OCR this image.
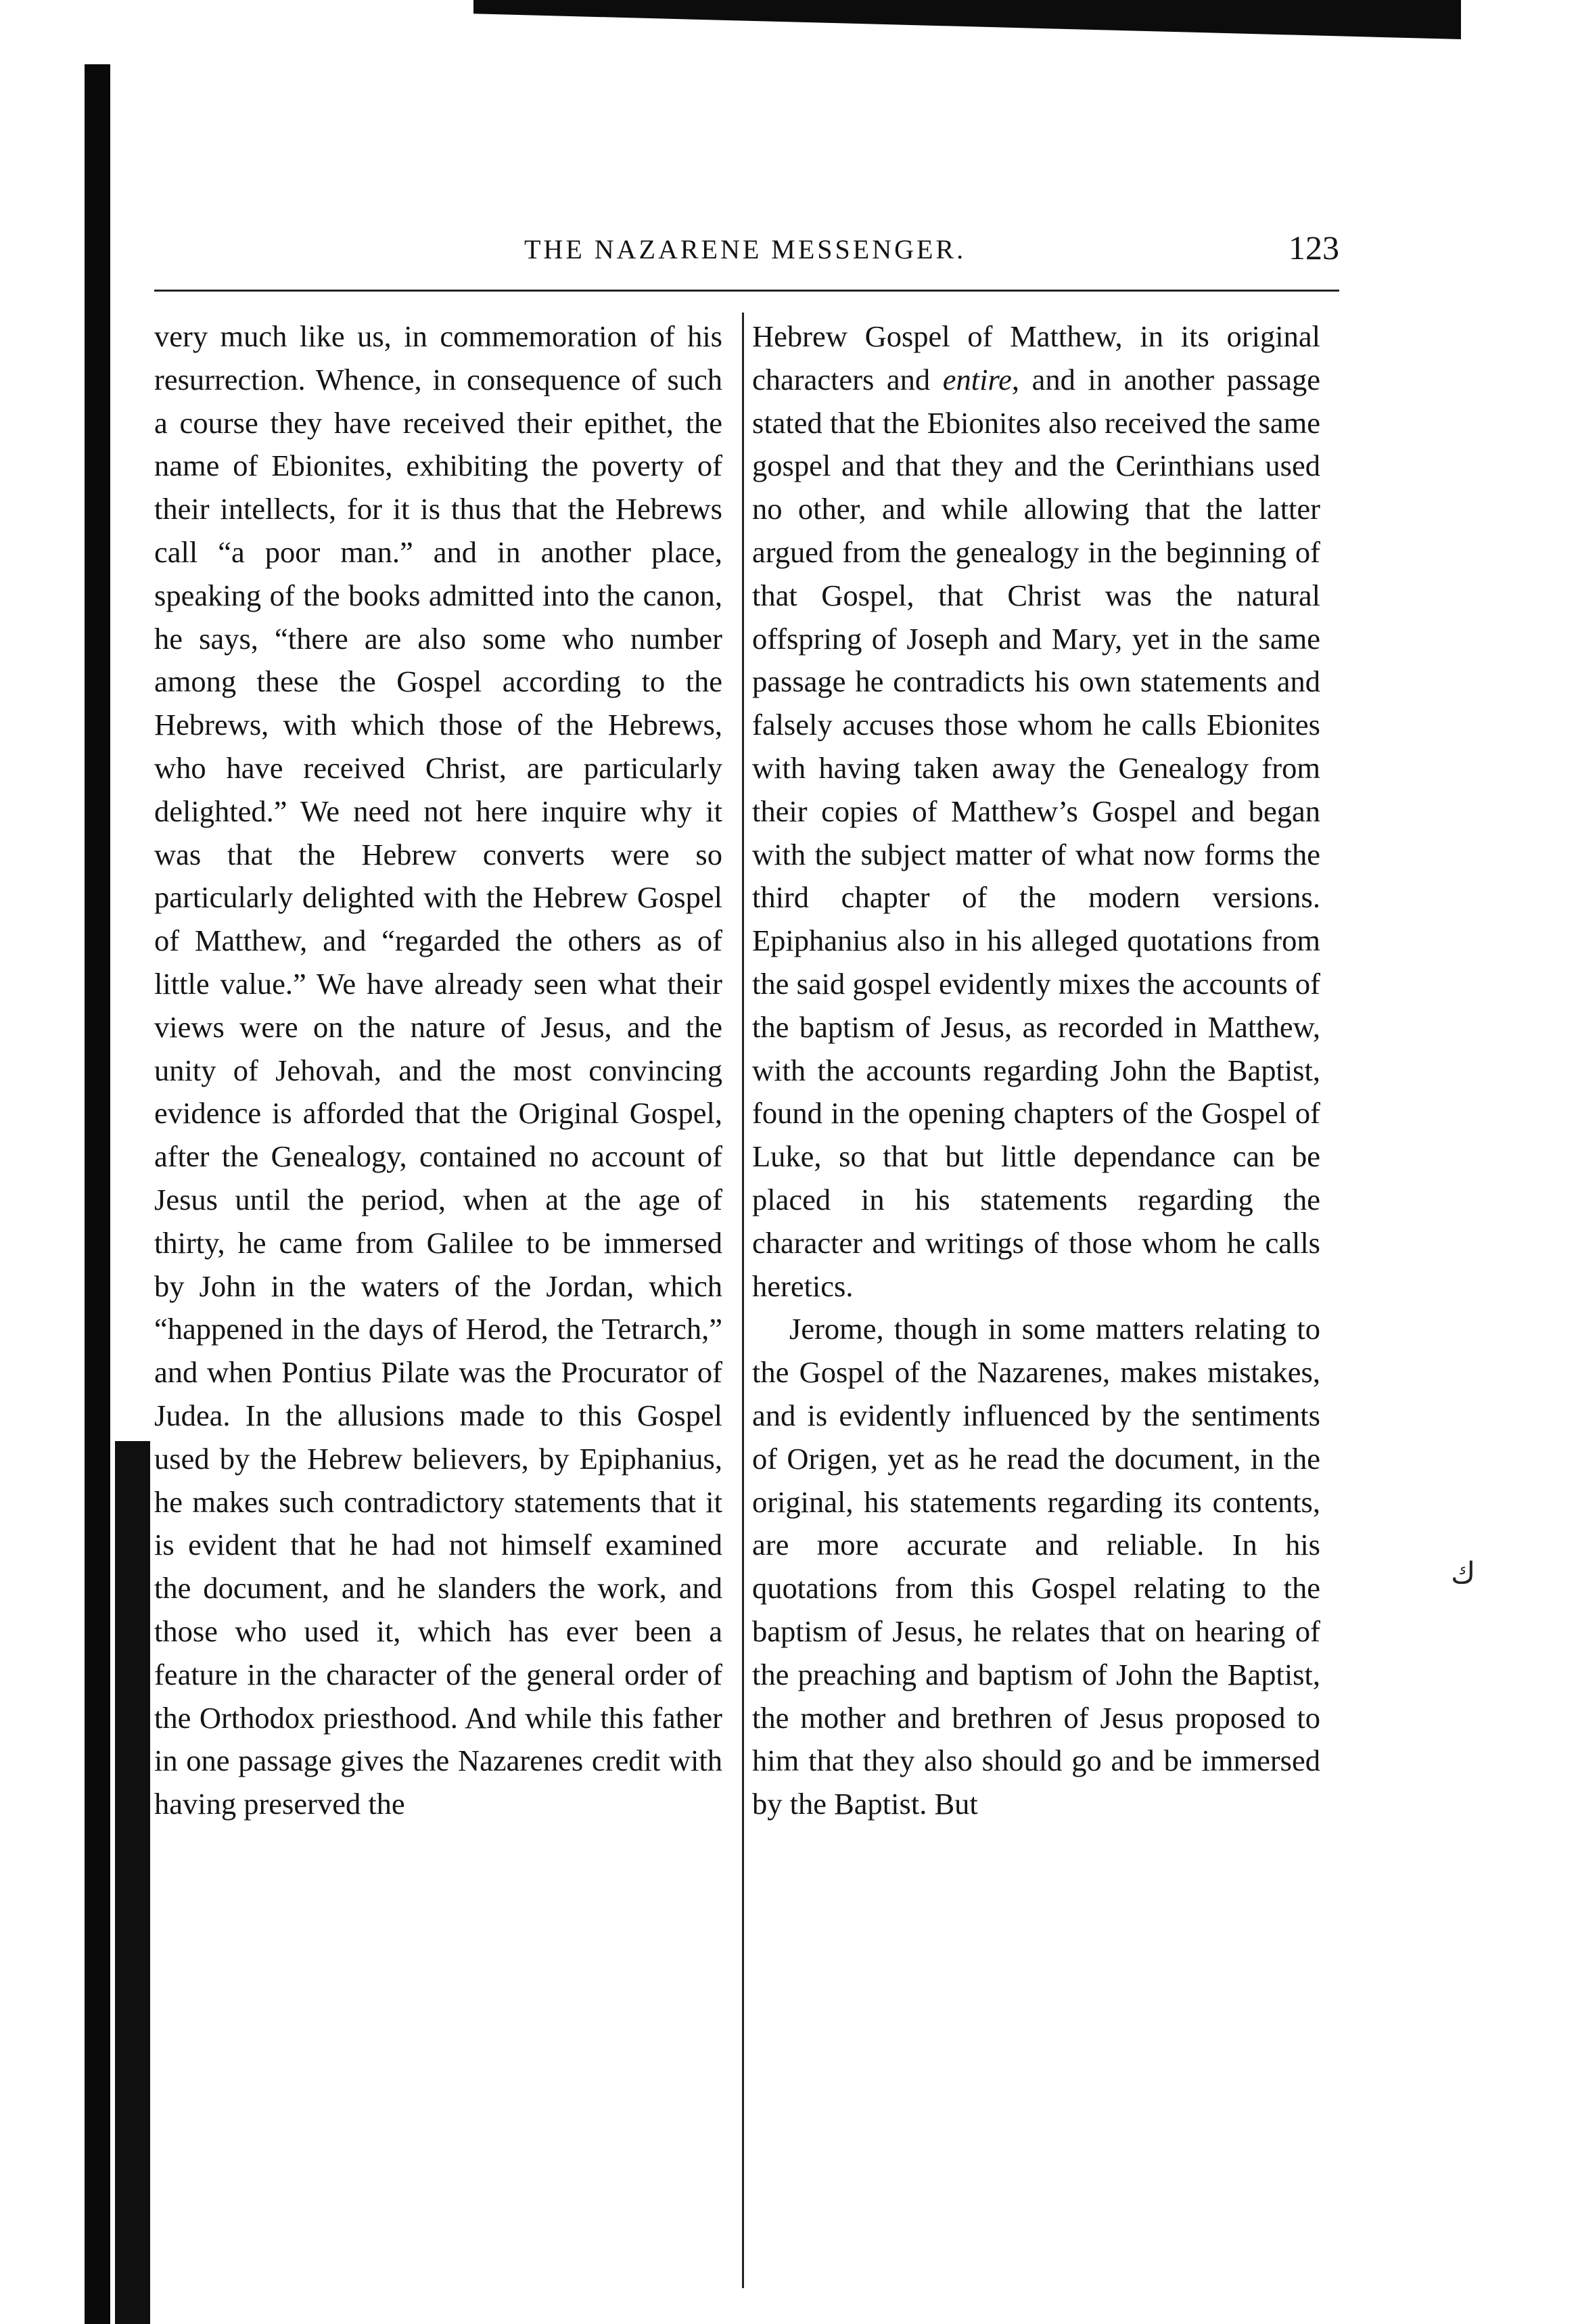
ﻙ
THE NAZARENE MESSENGER.	123

very much like us, in commemoration of his resurrection. Whence, in consequence of such a course they have received their epithet, the name of Ebionites, exhibiting the poverty of their intellects, for it is thus that the Hebrews call “a poor man.” and in another place, speaking of the books admitted into the canon, he says, “there are also some who number among these the Gospel according to the Hebrews, with which those of the Hebrews, who have received Christ, are particularly delighted.” We need not here inquire why it was that the Hebrew converts were so particularly delighted with the Hebrew Gospel of Matthew, and “regarded the others as of little value.” We have already seen what their views were on the nature of Jesus, and the unity of Jehovah, and the most convincing evidence is afforded that the Original Gospel, after the Genealogy, contained no account of Jesus until the period, when at the age of thirty, he came from Galilee to be immersed by John in the waters of the Jordan, which “happened in the days of Herod, the Tetrarch,” and when Pontius Pilate was the Procurator of Judea. In the allusions made to this Gospel used by the Hebrew believers, by Epiphanius, he makes such contradictory statements that it is evident that he had not himself examined the document, and he slanders the work, and those who used it, which has ever been a feature in the character of the general order of the Orthodox priesthood. And while this father in one passage gives the Nazarenes credit with having preserved the

Hebrew Gospel of Matthew, in its original characters and entire, and in another passage stated that the Ebionites also received the same gospel and that they and the Cerinthians used no other, and while allowing that the latter argued from the genealogy in the beginning of that Gospel, that Christ was the natural offspring of Joseph and Mary, yet in the same passage he contradicts his own statements and falsely accuses those whom he calls Ebionites with having taken away the Genealogy from their copies of Matthew’s Gospel and began with the subject matter of what now forms the third chapter of the modern versions. Epiphanius also in his alleged quotations from the said gospel evidently mixes the accounts of the baptism of Jesus, as recorded in Matthew, with the accounts regarding John the Baptist, found in the opening chapters of the Gospel of Luke, so that but little dependance can be placed in his statements regarding the character and writings of those whom he calls heretics.

Jerome, though in some matters relating to the Gospel of the Nazarenes, makes mistakes, and is evidently influenced by the sentiments of Origen, yet as he read the document, in the original, his statements regarding its contents, are more accurate and reliable. In his quotations from this Gospel relating to the baptism of Jesus, he relates that on hearing of the preaching and baptism of John the Baptist, the mother and brethren of Jesus proposed to him that they also should go and be immersed by the Baptist. But
